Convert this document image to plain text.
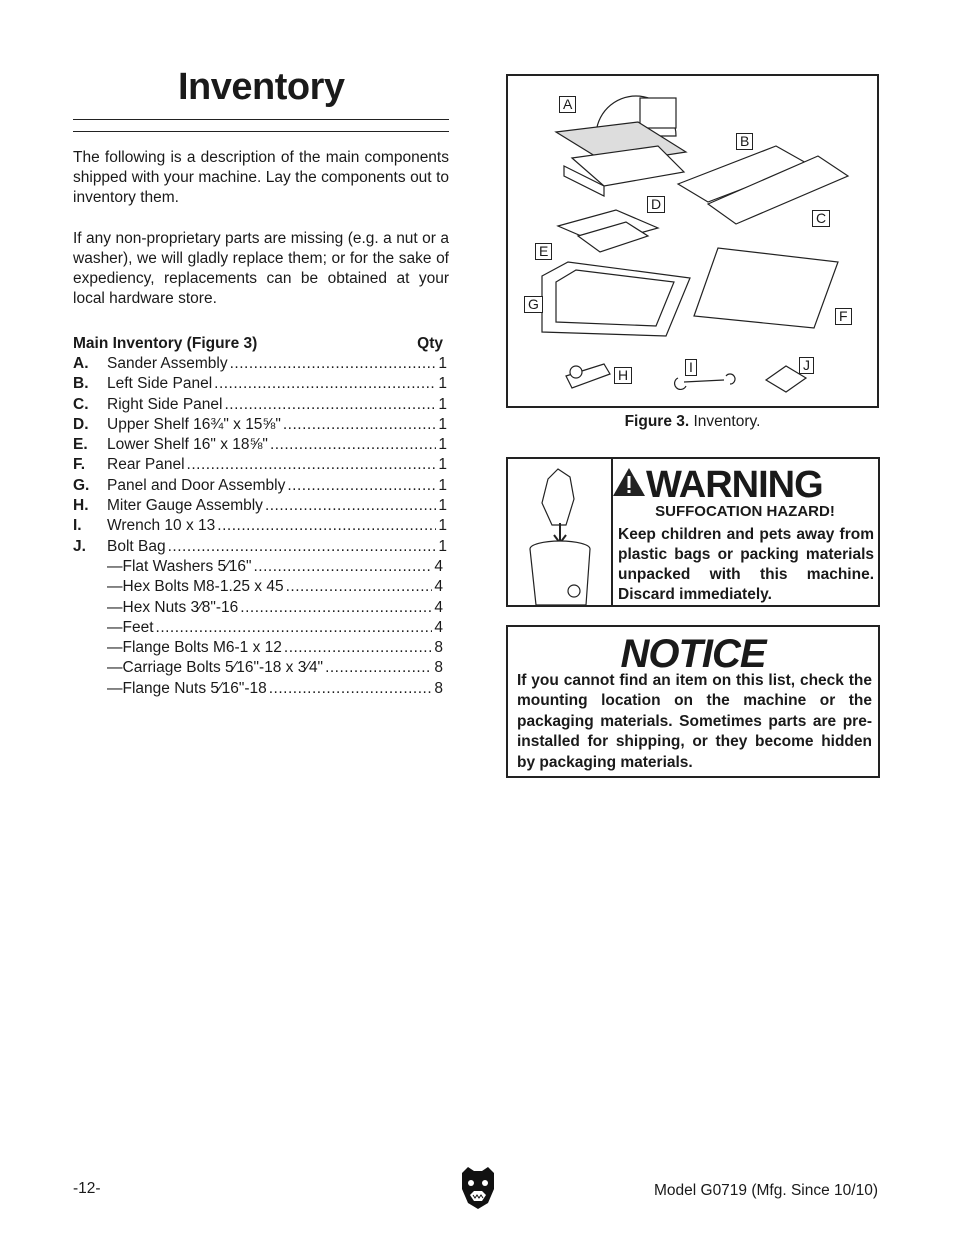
Inventory

The following is a description of the main components shipped with your machine. Lay the components out to inventory them.

If any non-proprietary parts are missing (e.g. a nut or a washer), we will gladly replace them; or for the sake of expediency, replacements can be obtained at your local hardware store.

Main Inventory (Figure 3)	Qty
A.	Sander Assembly .....	1
B.	Left Side Panel .....	1
C.	Right Side Panel .....	1
D.	Upper Shelf 16¾" x 15⅝" .....	1
E.	Lower Shelf 16" x 18⅝" .....	1
F.	Rear Panel .....	1
G.	Panel and Door Assembly .....	1
H.	Miter Gauge Assembly .....	1
I.	Wrench 10 x 13 .....	1
J.	Bolt Bag .....	1
—Flat Washers 5⁄16" .....	4
—Hex Bolts M8-1.25 x 45 .....	4
—Hex Nuts 3⁄8"-16 .....	4
—Feet .....	4
—Flange Bolts M6-1 x 12 .....	8
—Carriage Bolts 5⁄16"-18 x 3⁄4" .....	8
—Flange Nuts 5⁄16"-18 .....	8
A
B
C
D
E
F
G
H	I	J
Figure 3. Inventory.
WARNING
SUFFOCATION HAZARD!
Keep children and pets away from plastic bags or packing materials unpacked with this machine. Discard immediately.
NOTICE
If you cannot find an item on this list, check the mounting location on the machine or the packaging materials. Sometimes parts are pre-installed for shipping, or they become hidden by packaging materials.
-12-	Model G0719 (Mfg. Since 10/10)
